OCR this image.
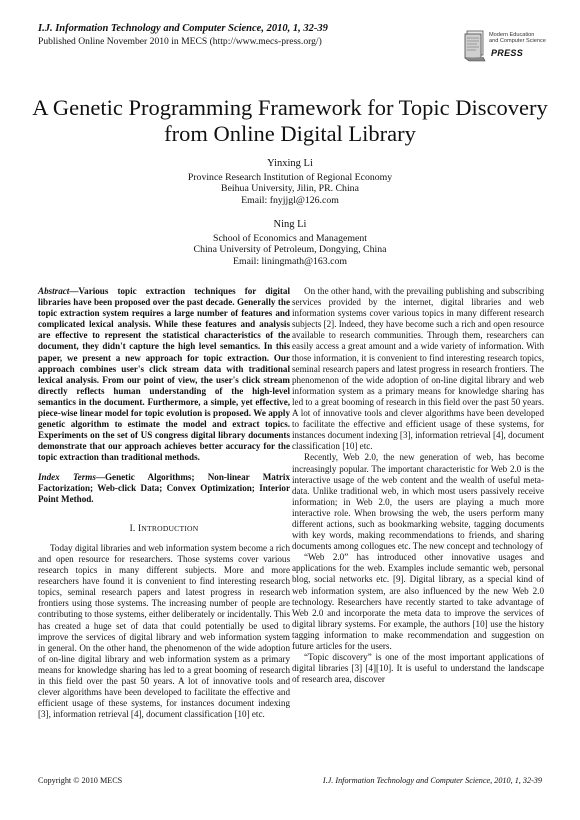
I.J. Information Technology and Computer Science, 2010, 1, 32-39
Published Online November 2010 in MECS (http://www.mecs-press.org/)
Modern Education
and Computer Science
PRESS
A Genetic Programming Framework for Topic Discovery from Online Digital Library
Yinxing Li
Province Research Institution of Regional Economy
Beihua University, Jilin, PR. China
Email: fnyjjgl@126.com
Ning Li
School of Economics and Management
China University of Petroleum, Dongying, China
Email: liningmath@163.com

Abstract—Various topic extraction techniques for digital libraries have been proposed over the past decade. Generally the topic extraction system requires a large number of features and complicated lexical analysis. While these features and analysis are effective to represent the statistical characteristics of the document, they didn't capture the high level semantics. In this paper, we present a new approach for topic extraction. Our approach combines user's click stream data with traditional lexical analysis. From our point of view, the user's click stream directly reflects human understanding of the high-level semantics in the document. Furthermore, a simple, yet effective, piece-wise linear model for topic evolution is proposed. We apply genetic algorithm to estimate the model and extract topics. Experiments on the set of US congress digital library documents demonstrate that our approach achieves better accuracy for the topic extraction than traditional methods.

Index Terms—Genetic Algorithms; Non-linear Matrix Factorization; Web-click Data; Convex Optimization; Interior Point Method.

I. INTRODUCTION

Today digital libraries and web information system become a rich and open resource for researchers. Those systems cover various research topics in many different subjects. More and more researchers have found it is convenient to find interesting research topics, seminal research papers and latest progress in research frontiers using those systems. The increasing number of people are contributing to those systems, either deliberately or incidentally. This has created a huge set of data that could potentially be used to improve the services of digital library and web information system in general. On the other hand, the phenomenon of the wide adoption of on-line digital library and web information system as a primary means for knowledge sharing has led to a great booming of research in this field over the past 50 years. A lot of innovative tools and clever algorithms have been developed to facilitate the effective and efficient usage of these systems, for instances document indexing [3], information retrieval [4], document classification [10] etc.

On the other hand, with the prevailing publishing and subscribing services provided by the internet, digital libraries and web information systems cover various topics in many different research subjects [2]. Indeed, they have become such a rich and open resource available to research communities. Through them, researchers can easily access a great amount and a wide variety of information. With those information, it is convenient to find interesting research topics, seminal research papers and latest progress in research frontiers. The phenomenon of the wide adoption of on-line digital library and web information system as a primary means for knowledge sharing has led to a great booming of research in this field over the past 50 years. A lot of innovative tools and clever algorithms have been developed to facilitate the effective and efficient usage of these systems, for instances document indexing [3], information retrieval [4], document classification [10] etc.

Recently, Web 2.0, the new generation of web, has become increasingly popular. The important characteristic for Web 2.0 is the interactive usage of the web content and the wealth of useful meta-data. Unlike traditional web, in which most users passively receive information; in Web 2.0, the users are playing a much more interactive role. When browsing the web, the users perform many different actions, such as bookmarking website, tagging documents with key words, making recommendations to friends, and sharing documents among collogues etc. The new concept and technology of

“Web 2.0” has introduced other innovative usages and applications for the web. Examples include semantic web, personal blog, social networks etc. [9]. Digital library, as a special kind of web information system, are also influenced by the new Web 2.0 technology. Researchers have recently started to take advantage of Web 2.0 and incorporate the meta data to improve the services of digital library systems. For example, the authors [10] use the history tagging information to make recommendation and suggestion on future articles for the users.

“Topic discovery” is one of the most important applications of digital libraries [3] [4][10]. It is useful to understand the landscape of research area, discover

Copyright © 2010 MECS	I.J. Information Technology and Computer Science, 2010, 1, 32-39
